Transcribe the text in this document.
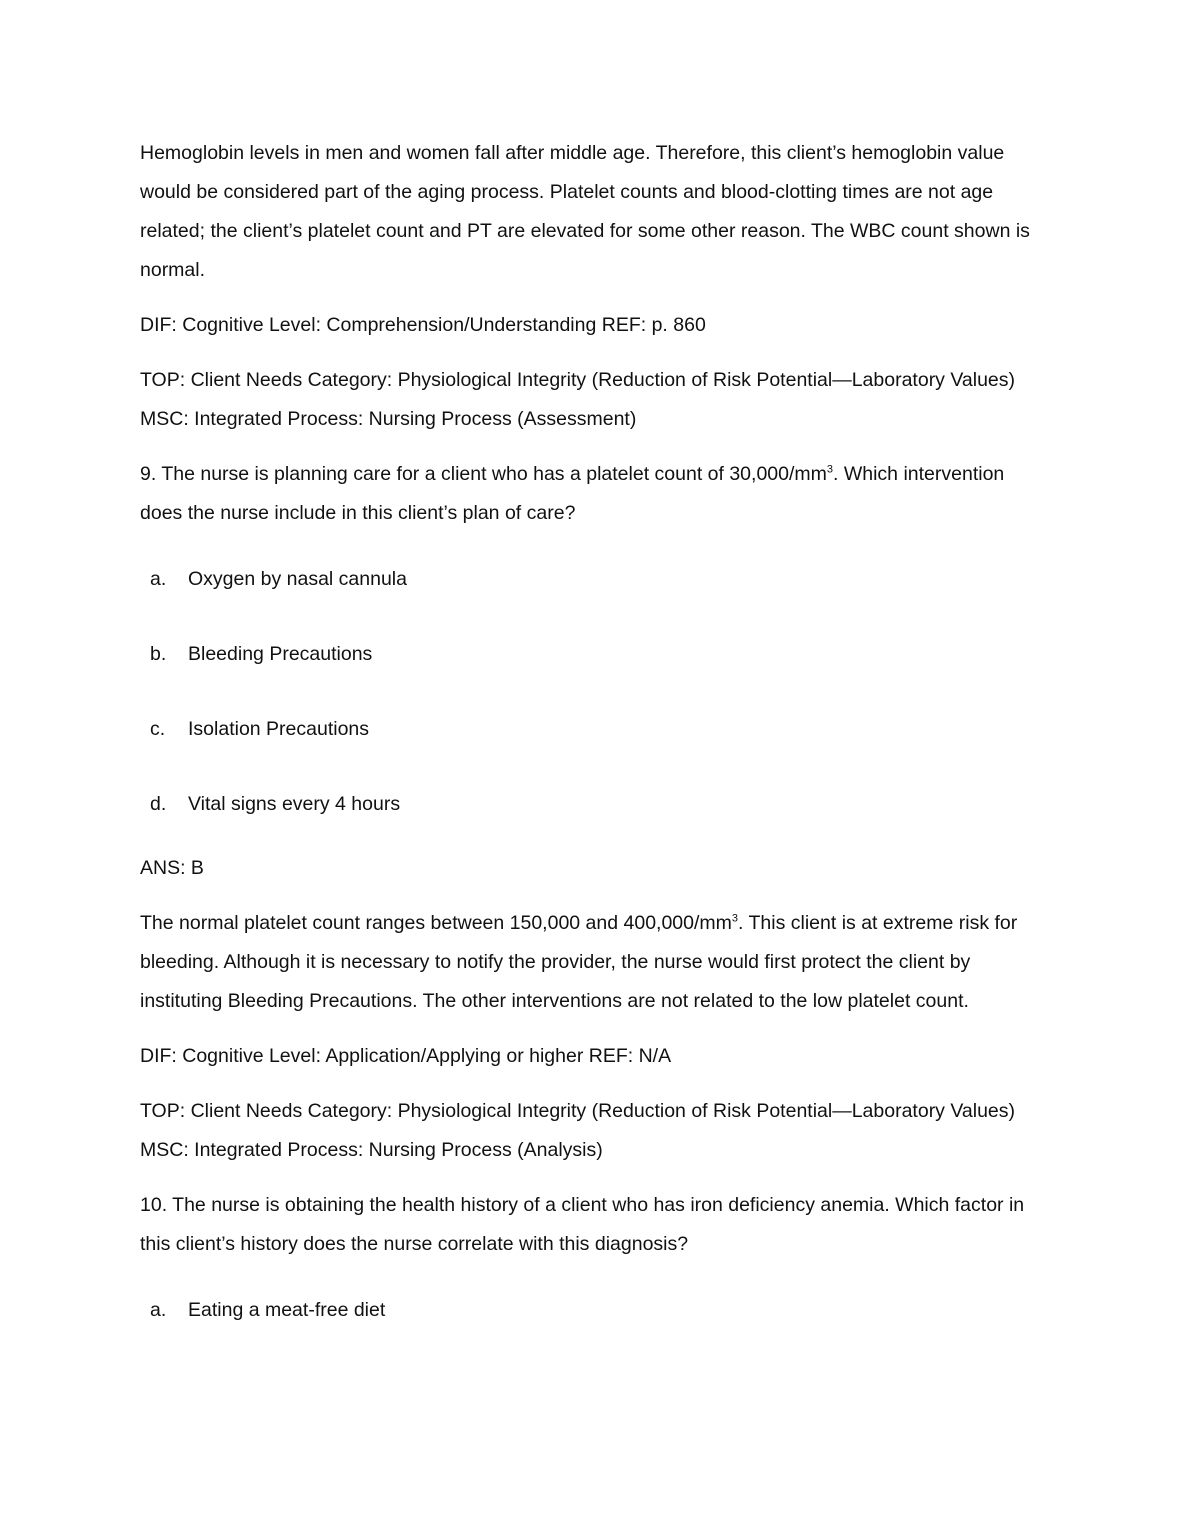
Hemoglobin levels in men and women fall after middle age. Therefore, this client’s hemoglobin value would be considered part of the aging process. Platelet counts and blood-clotting times are not age related; the client’s platelet count and PT are elevated for some other reason. The WBC count shown is normal.

DIF: Cognitive Level: Comprehension/Understanding REF: p. 860

TOP: Client Needs Category: Physiological Integrity (Reduction of Risk Potential—Laboratory Values)
MSC: Integrated Process: Nursing Process (Assessment)

9. The nurse is planning care for a client who has a platelet count of $30,000/mm^3$. Which intervention does the nurse include in this client’s plan of care?

a. Oxygen by nasal cannula
b. Bleeding Precautions
c. Isolation Precautions
d. Vital signs every 4 hours

ANS: B

The normal platelet count ranges between 150,000 and $400,000/mm^3$. This client is at extreme risk for bleeding. Although it is necessary to notify the provider, the nurse would first protect the client by instituting Bleeding Precautions. The other interventions are not related to the low platelet count.

DIF: Cognitive Level: Application/Applying or higher REF: N/A

TOP: Client Needs Category: Physiological Integrity (Reduction of Risk Potential—Laboratory Values)
MSC: Integrated Process: Nursing Process (Analysis)

10. The nurse is obtaining the health history of a client who has iron deficiency anemia. Which factor in this client’s history does the nurse correlate with this diagnosis?

a. Eating a meat-free diet
